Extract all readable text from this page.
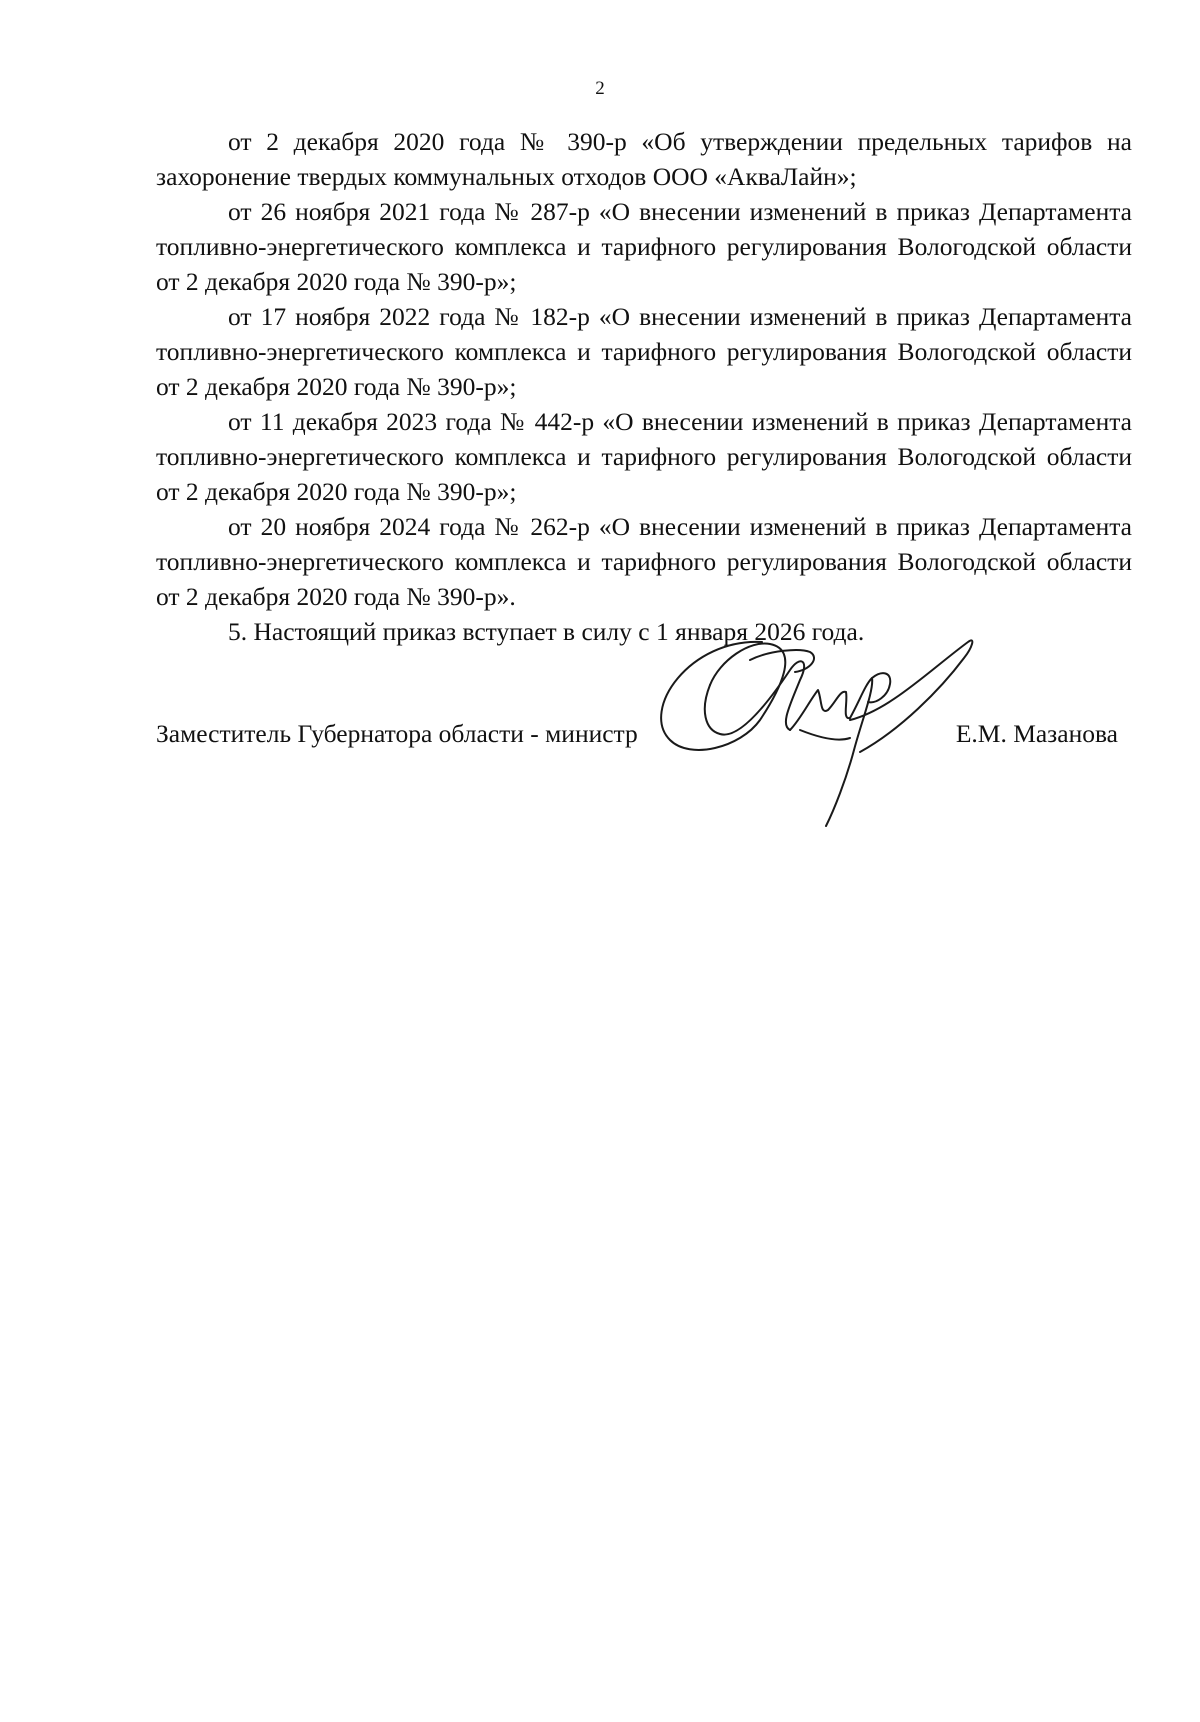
2

от 2 декабря 2020 года № 390-р «Об утверждении предельных тарифов на захоронение твердых коммунальных отходов ООО «АкваЛайн»;

от 26 ноября 2021 года № 287-р «О внесении изменений в приказ Департамента топливно-энергетического комплекса и тарифного регулирования Вологодской области от 2 декабря 2020 года № 390-р»;

от 17 ноября 2022 года № 182-р «О внесении изменений в приказ Департамента топливно-энергетического комплекса и тарифного регулирования Вологодской области от 2 декабря 2020 года № 390-р»;

от 11 декабря 2023 года № 442-р «О внесении изменений в приказ Департамента топливно-энергетического комплекса и тарифного регулирования Вологодской области от 2 декабря 2020 года № 390-р»;

от 20 ноября 2024 года № 262-р «О внесении изменений в приказ Департамента топливно-энергетического комплекса и тарифного регулирования Вологодской области от 2 декабря 2020 года № 390-р».

5. Настоящий приказ вступает в силу с 1 января 2026 года.

Заместитель Губернатора области - министр	Е.М. Мазанова
